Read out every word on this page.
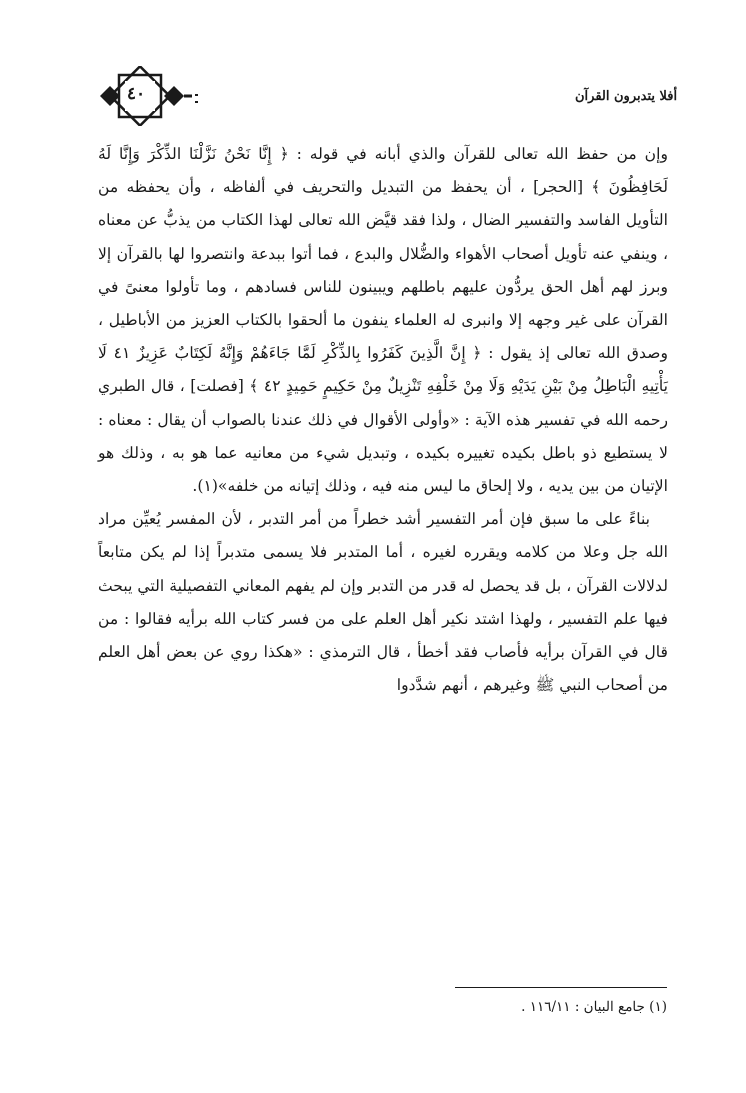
٤٠	أفلا يتدبرون القرآن

وإن من حفظ الله تعالى للقرآن والذي أبانه في قوله : ﴿ إِنَّا نَحْنُ نَزَّلْنَا الذِّكْرَ وَإِنَّا لَهُ لَحَافِظُونَ ﴾ [الحجر] ، أن يحفظ من التبديل والتحريف في ألفاظه ، وأن يحفظه من التأويل الفاسد والتفسير الضال ، ولذا فقد قيَّض الله تعالى لهذا الكتاب من يذبُّ عن معناه ، وينفي عنه تأويل أصحاب الأهواء والضُّلال والبدع ، فما أتوا ببدعة وانتصروا لها بالقرآن إلا وبرز لهم أهل الحق يردُّون عليهم باطلهم ويبينون للناس فسادهم ، وما تأولوا معنىً في القرآن على غير وجهه إلا وانبرى له العلماء ينفون ما ألحقوا بالكتاب العزيز من الأباطيل ، وصدق الله تعالى إذ يقول : ﴿ إِنَّ الَّذِينَ كَفَرُوا بِالذِّكْرِ لَمَّا جَاءَهُمْ وَإِنَّهُ لَكِتَابٌ عَزِيزٌ ٤١ لَا يَأْتِيهِ الْبَاطِلُ مِنْ بَيْنِ يَدَيْهِ وَلَا مِنْ خَلْفِهِ تَنْزِيلٌ مِنْ حَكِيمٍ حَمِيدٍ ٤٢ ﴾ [فصلت] ، قال الطبري رحمه الله في تفسير هذه الآية : «وأولى الأقوال في ذلك عندنا بالصواب أن يقال : معناه : لا يستطيع ذو باطل بكيده تغييره بكيده ، وتبديل شيء من معانيه عما هو به ، وذلك هو الإتيان من بين يديه ، ولا إلحاق ما ليس منه فيه ، وذلك إتيانه من خلفه»(١).

بناءً على ما سبق فإن أمر التفسير أشد خطراً من أمر التدبر ، لأن المفسر يُعيِّن مراد الله جل وعلا من كلامه ويقرره لغيره ، أما المتدبر فلا يسمى متدبراً إذا لم يكن متابعاً لدلالات القرآن ، بل قد يحصل له قدر من التدبر وإن لم يفهم المعاني التفصيلية التي يبحث فيها علم التفسير ، ولهذا اشتد نكير أهل العلم على من فسر كتاب الله برأيه فقالوا : من قال في القرآن برأيه فأصاب فقد أخطأ ، قال الترمذي : «هكذا روي عن بعض أهل العلم من أصحاب النبي ﷺ وغيرهم ، أنهم شدَّدوا

(١) جامع البيان : ١١٦/١١ .
